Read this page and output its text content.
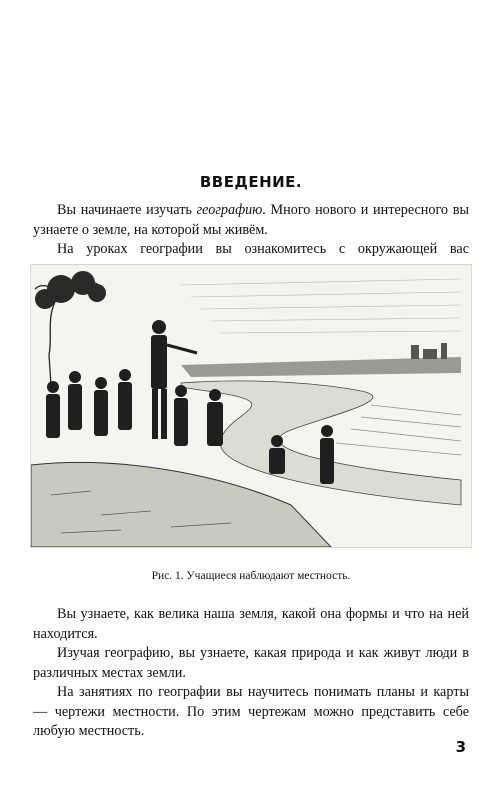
ВВЕДЕНИЕ.

Вы начинаете изучать географию. Много нового и интересного вы узнаете о земле, на которой мы живём.

На уроках географии вы ознакомитесь с окружающей вас

Рис. 1. Учащиеся наблюдают местность.

Вы узнаете, как велика наша земля, какой она формы и что на ней находится.

Изучая географию, вы узнаете, какая природа и как живут люди в различных местах земли.

На занятиях по географии вы научитесь понимать планы и карты — чертежи местности. По этим чертежам можно представить себе любую местность.

3
